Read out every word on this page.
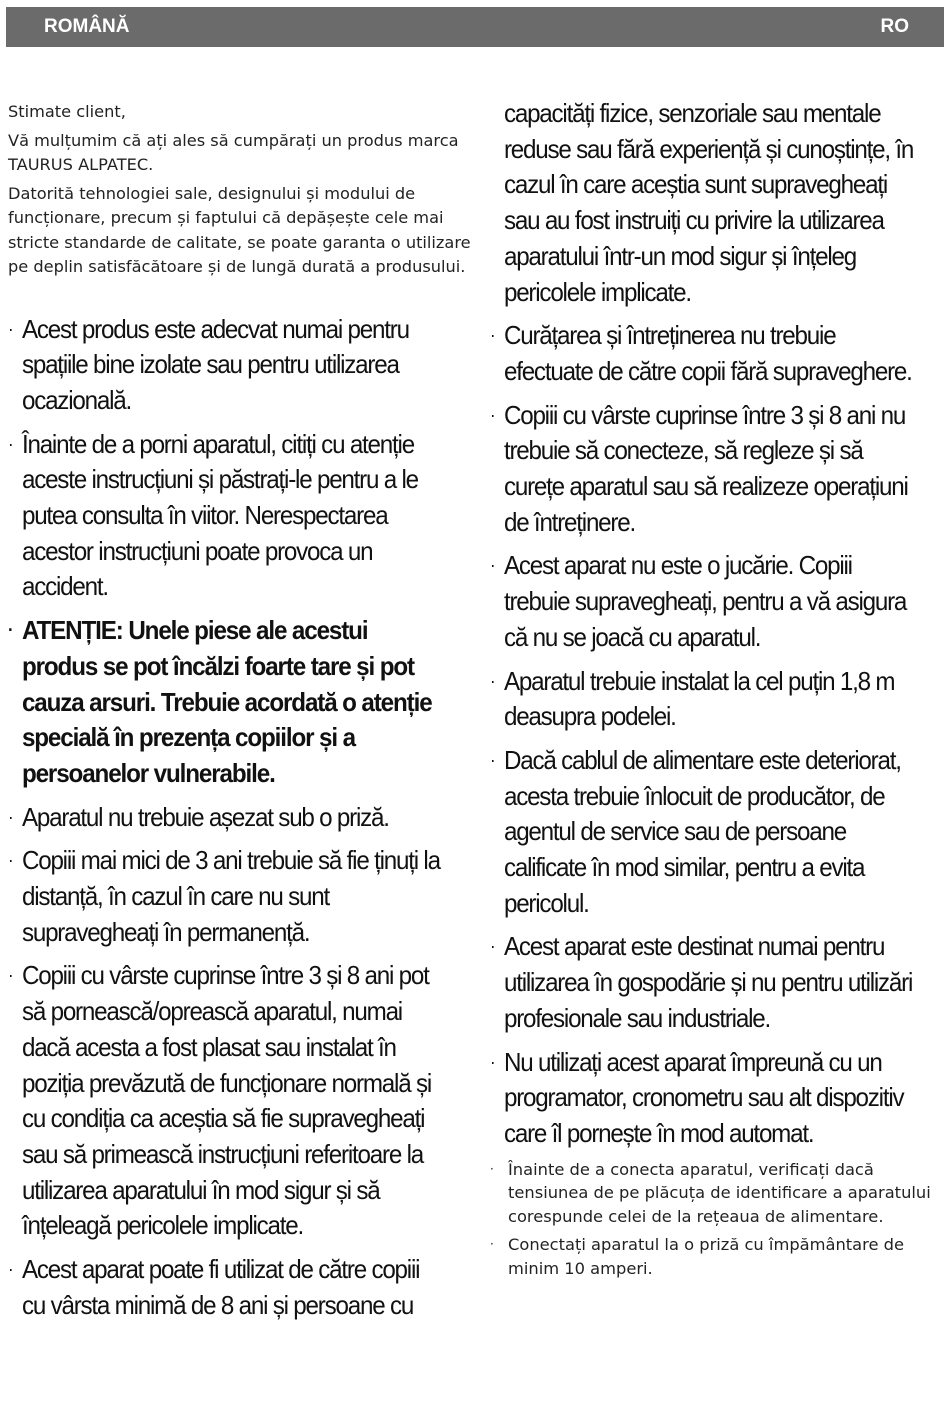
ROMÂNĂ	RO

Stimate client,

Vă mulțumim că ați ales să cumpărați un produs marca TAURUS ALPATEC.

Datorită tehnologiei sale, designului și modului de funcționare, precum și faptului că depășește cele mai stricte standarde de calitate, se poate garanta o utilizare pe deplin satisfăcătoare și de lungă durată a produsului.

· Acest produs este adecvat numai pentru spațiile bine izolate sau pentru utilizarea ocazională.

· Înainte de a porni aparatul, citiți cu atenție aceste instrucțiuni și păstrați-le pentru a le putea consulta în viitor. Nerespectarea acestor instrucțiuni poate provoca un accident.

· ATENȚIE: Unele piese ale acestui produs se pot încălzi foarte tare și pot cauza arsuri. Trebuie acordată o atenție specială în prezența copiilor și a persoanelor vulnerabile.

· Aparatul nu trebuie așezat sub o priză.

· Copiii mai mici de 3 ani trebuie să fie ținuți la distanță, în cazul în care nu sunt supravegheați în permanență.

· Copiii cu vârste cuprinse între 3 și 8 ani pot să pornească/oprească aparatul, numai dacă acesta a fost plasat sau instalat în poziția prevăzută de funcționare normală și cu condiția ca aceștia să fie supravegheați sau să primească instrucțiuni referitoare la utilizarea aparatului în mod sigur și să înțeleagă pericolele implicate.

· Acest aparat poate fi utilizat de către copiii cu vârsta minimă de 8 ani și persoane cu

capacități fizice, senzoriale sau mentale reduse sau fără experiență și cunoștințe, în cazul în care aceștia sunt supravegheați sau au fost instruiți cu privire la utilizarea aparatului într-un mod sigur și înțeleg pericolele implicate.

· Curățarea și întreținerea nu trebuie efectuate de către copii fără supraveghere.

· Copiii cu vârste cuprinse între 3 și 8 ani nu trebuie să conecteze, să regleze și să curețe aparatul sau să realizeze operațiuni de întreținere.

· Acest aparat nu este o jucărie. Copiii trebuie supravegheați, pentru a vă asigura că nu se joacă cu aparatul.

· Aparatul trebuie instalat la cel puțin 1,8 m deasupra podelei.

· Dacă cablul de alimentare este deteriorat, acesta trebuie înlocuit de producător, de agentul de service sau de persoane calificate în mod similar, pentru a evita pericolul.

· Acest aparat este destinat numai pentru utilizarea în gospodărie și nu pentru utilizări profesionale sau industriale.

· Nu utilizați acest aparat împreună cu un programator, cronometru sau alt dispozitiv care îl pornește în mod automat.

· Înainte de a conecta aparatul, verificați dacă tensiunea de pe plăcuța de identificare a aparatului corespunde celei de la rețeaua de alimentare.

· Conectați aparatul la o priză cu împământare de minim 10 amperi.
